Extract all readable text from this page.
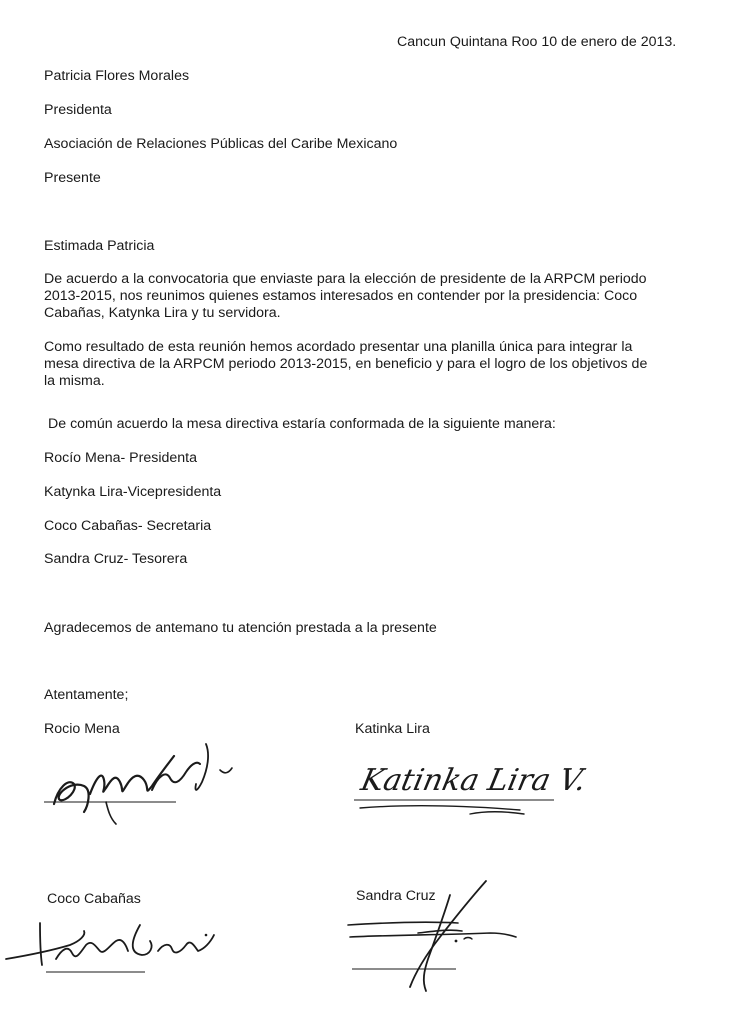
Cancun Quintana Roo 10 de enero de 2013.
Patricia Flores Morales
Presidenta
Asociación de Relaciones Públicas del Caribe Mexicano
Presente
Estimada Patricia
De acuerdo a la convocatoria que enviaste para la elección de presidente de la ARPCM periodo
2013-2015, nos reunimos quienes estamos interesados en contender por la presidencia: Coco
Cabañas, Katynka Lira y tu servidora.
Como resultado de esta reunión hemos acordado presentar una planilla única para integrar la
mesa directiva de la ARPCM periodo 2013-2015, en beneficio y para el logro de los objetivos de
la misma.
De común acuerdo la mesa directiva estaría conformada de la siguiente manera:
Rocío Mena- Presidenta
Katynka Lira-Vicepresidenta
Coco Cabañas- Secretaria
Sandra Cruz- Tesorera
Agradecemos de antemano tu atención prestada a la presente
Atentamente;
Rocio Mena	Katinka Lira
Katinka Lira V.
Coco Cabañas	Sandra Cruz
